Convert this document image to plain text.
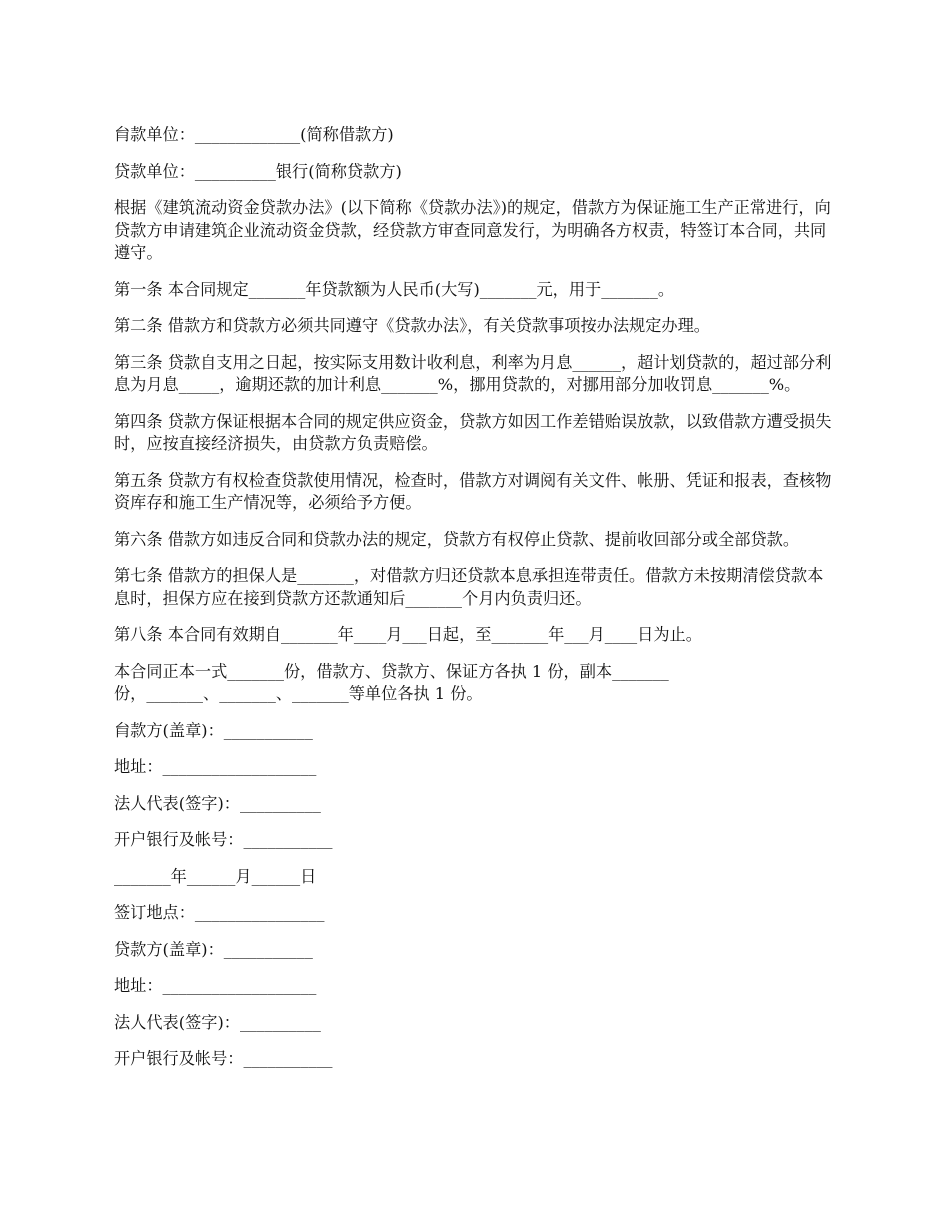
䏍款单位：_____________(简称借款方)

贷款单位：__________银行(简称贷款方)

根据《建筑流动资金贷款办法》(以下简称《贷款办法》)的规定，借款方为保证施工生产正常进行，向贷款方申请建筑企业流动资金贷款，经贷款方审查同意发行，为明确各方权责，特签订本合同，共同遵守。

第一条 本合同规定_______年贷款额为人民币(大写)_______元，用于_______。

第二条 借款方和贷款方必须共同遵守《贷款办法》，有关贷款事项按办法规定办理。

第三条 贷款自支用之日起，按实际支用数计收利息，利率为月息______，超计划贷款的，超过部分利息为月息_____，逾期还款的加计利息_______%，挪用贷款的，对挪用部分加收罚息_______%。

第四条 贷款方保证根据本合同的规定供应资金，贷款方如因工作差错贻误放款，以致借款方遭受损失时，应按直接经济损失，由贷款方负责赔偿。

第五条 贷款方有权检查贷款使用情况，检查时，借款方对调阅有关文件、帐册、凭证和报表，查核物资库存和施工生产情况等，必须给予方便。

第六条 借款方如违反合同和贷款办法的规定，贷款方有权停止贷款、提前收回部分或全部贷款。

第七条 借款方的担保人是_______，对借款方归还贷款本息承担连带责任。借款方未按期清偿贷款本息时，担保方应在接到贷款方还款通知后_______个月内负责归还。

第八条 本合同有效期自_______年____月___日起，至_______年___月____日为止。

本合同正本一式_______份，借款方、贷款方、保证方各执 1 份，副本_______
份，_______、_______、_______等单位各执 1 份。

䏍款方(盖章)：___________

地址：___________________

法人代表(签字)：__________

开户银行及帐号：___________

_______年______月______日

签订地点：________________

贷款方(盖章)：___________

地址：___________________

法人代表(签字)：__________

开户银行及帐号：___________
